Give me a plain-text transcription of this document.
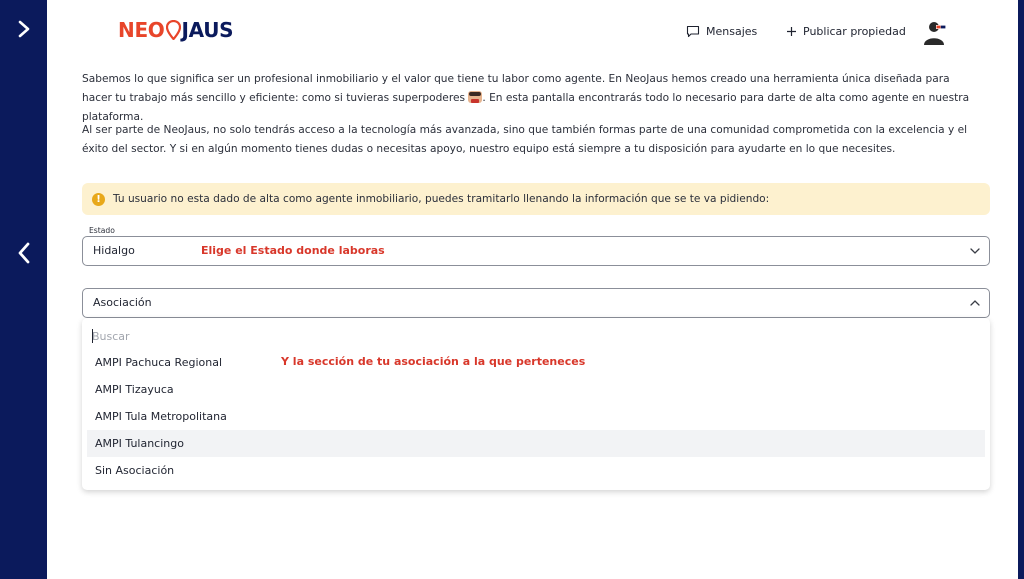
NEO JAUS	Mensajes	Publicar propiedad
Sabemos lo que significa ser un profesional inmobiliario y el valor que tiene tu labor como agente. En NeoJaus hemos creado una herramienta única diseñada para hacer tu trabajo más sencillo y eficiente: como si tuvieras superpoderes . En esta pantalla encontrarás todo lo necesario para darte de alta como agente en nuestra plataforma.
Al ser parte de NeoJaus, no solo tendrás acceso a la tecnología más avanzada, sino que también formas parte de una comunidad comprometida con la excelencia y el éxito del sector. Y si en algún momento tienes dudas o necesitas apoyo, nuestro equipo está siempre a tu disposición para ayudarte en lo que necesites.
!	Tu usuario no esta dado de alta como agente inmobiliario, puedes tramitarlo llenando la información que se te va pidiendo:
Hidalgo
Estado
Elige el Estado donde laboras
Asociación
Buscar
AMPI Pachuca Regional
AMPI Tizayuca
AMPI Tula Metropolitana
AMPI Tulancingo
Sin Asociación
Y la sección de tu asociación a la que perteneces
